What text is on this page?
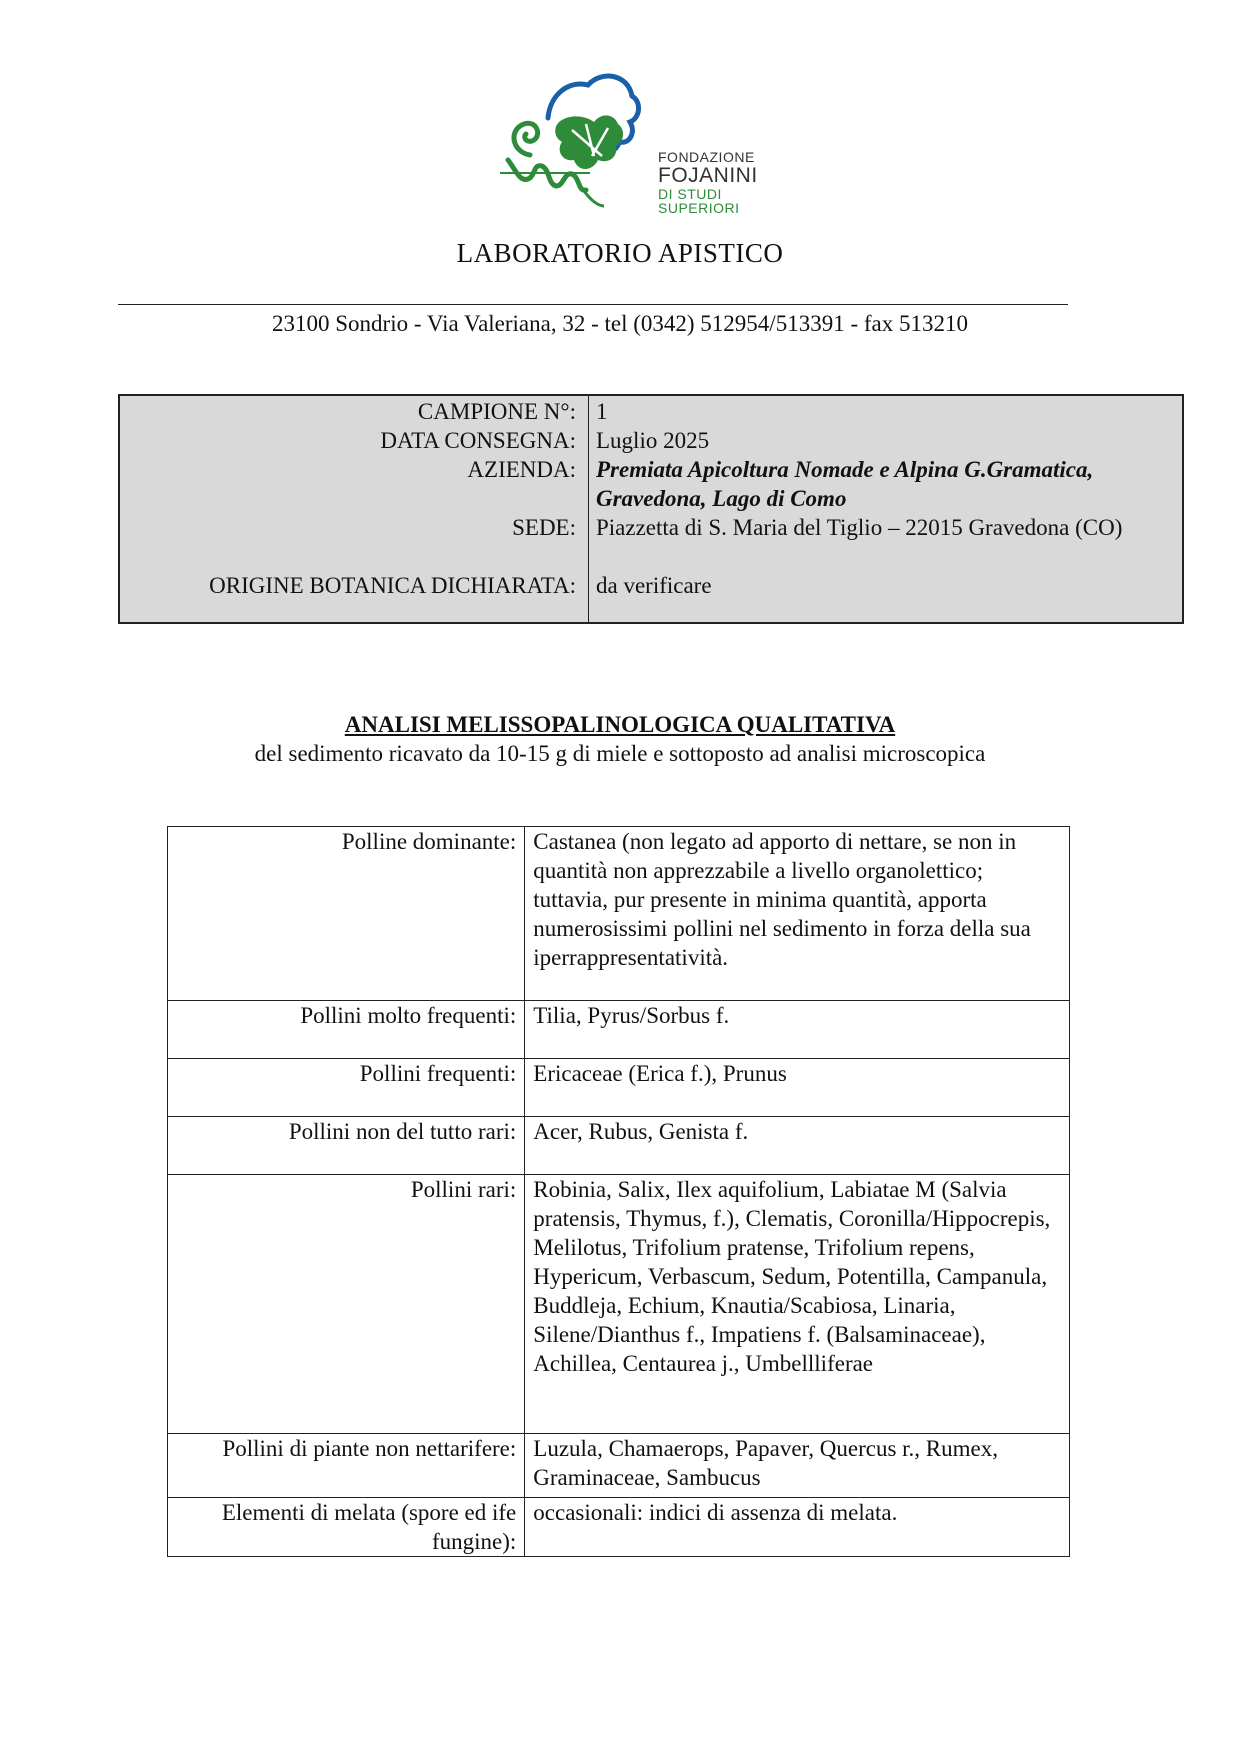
FONDAZIONE
FOJANINI
DI STUDI
SUPERIORI
LABORATORIO APISTICO
23100 Sondrio - Via Valeriana, 32 - tel (0342) 512954/513391 - fax 513210
CAMPIONE N°: 1
DATA CONSEGNA: Luglio 2025
AZIENDA: Premiata Apicoltura Nomade e Alpina G.Gramatica, Gravedona, Lago di Como
SEDE: Piazzetta di S. Maria del Tiglio – 22015 Gravedona (CO)
ORIGINE BOTANICA DICHIARATA: da verificare
ANALISI MELISSOPALINOLOGICA QUALITATIVA
del sedimento ricavato da 10-15 g di miele e sottoposto ad analisi microscopica
Polline dominante:	Castanea (non legato ad apporto di nettare, se non in quantità non apprezzabile a livello organolettico; tuttavia, pur presente in minima quantità, apporta numerosissimi pollini nel sedimento in forza della sua iperrappresentatività.
Pollini molto frequenti:	Tilia, Pyrus/Sorbus f.
Pollini frequenti:	Ericaceae (Erica f.), Prunus
Pollini non del tutto rari:	Acer, Rubus, Genista f.
Pollini rari:	Robinia, Salix, Ilex aquifolium, Labiatae M (Salvia pratensis, Thymus, f.), Clematis, Coronilla/Hippocrepis, Melilotus, Trifolium pratense, Trifolium repens, Hypericum, Verbascum, Sedum, Potentilla, Campanula, Buddleja, Echium, Knautia/Scabiosa, Linaria, Silene/Dianthus f., Impatiens f. (Balsaminaceae), Achillea, Centaurea j., Umbellliferae
Pollini di piante non nettarifere:	Luzula, Chamaerops, Papaver, Quercus r., Rumex, Graminaceae, Sambucus
Elementi di melata (spore ed ife fungine):	occasionali: indici di assenza di melata.
